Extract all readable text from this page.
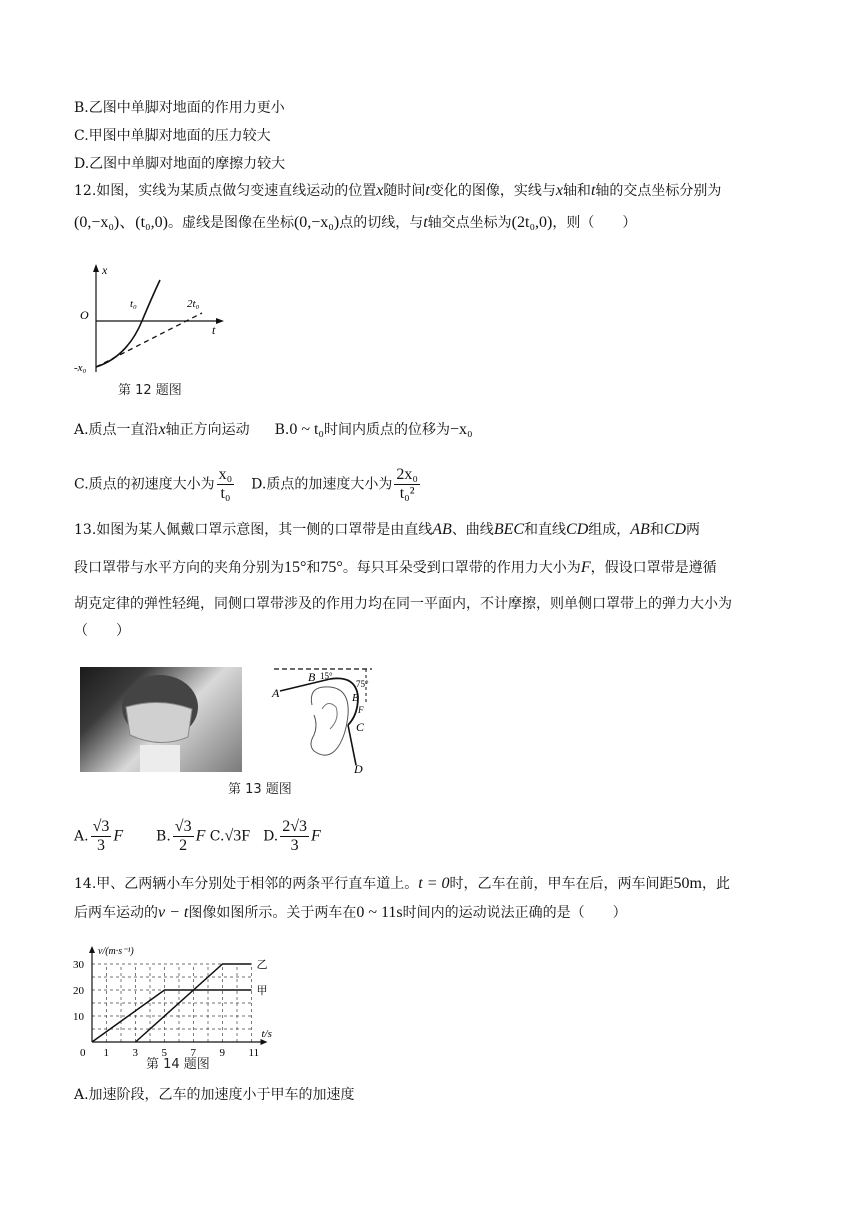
B.乙图中单脚对地面的作用力更小
C.甲图中单脚对地面的压力较大
D.乙图中单脚对地面的摩擦力较大
12.如图，实线为某质点做匀变速直线运动的位置x随时间t变化的图像，实线与x轴和t轴的交点坐标分别为
(0,−x₀)、(t₀,0)。虚线是图像在坐标(0,−x₀)点的切线，与t轴交点坐标为(2t₀,0)，则（　　）
x
O
t₀	2t₀
t
-x₀
第 12 题图
A.质点一直沿x轴正方向运动 B.0 ~ t₀时间内质点的位移为−x₀
C.质点的初速度大小为 $\frac{\text{x₀}}{\text{t₀}} D$.质点的加速度大小为 $\frac{\text{2x₀}}{\text{t₀²}}$
13.如图为某人佩戴口罩示意图，其一侧的口罩带是由直线AB、曲线BEC和直线CD组成，AB和CD两
段口罩带与水平方向的夹角分别为15°和75°。每只耳朵受到口罩带的作用力大小为F，假设口罩带是遵循
胡克定律的弹性轻绳，同侧口罩带涉及的作用力均在同一平面内，不计摩擦，则单侧口罩带上的弹力大小为
（　　）
A
B 15°
75°
E
F
C
D
第 13 题图
A. $\frac{√3}{3}$ F B. $\frac{√3}{2}$ F C.√3F D. $\frac{2√3}{3}$ F
14.甲、乙两辆小车分别处于相邻的两条平行直车道上。t = 0时，乙车在前，甲车在后，两车间距50m，此
后两车运动的v − t图像如图所示。关于两车在0 ~ 11s时间内的运动说法正确的是（　　）
0 1 3 5 7 9 11
10
20
30
v/(m·s⁻¹)
t/s
甲
乙
第 14 题图
A.加速阶段，乙车的加速度小于甲车的加速度
